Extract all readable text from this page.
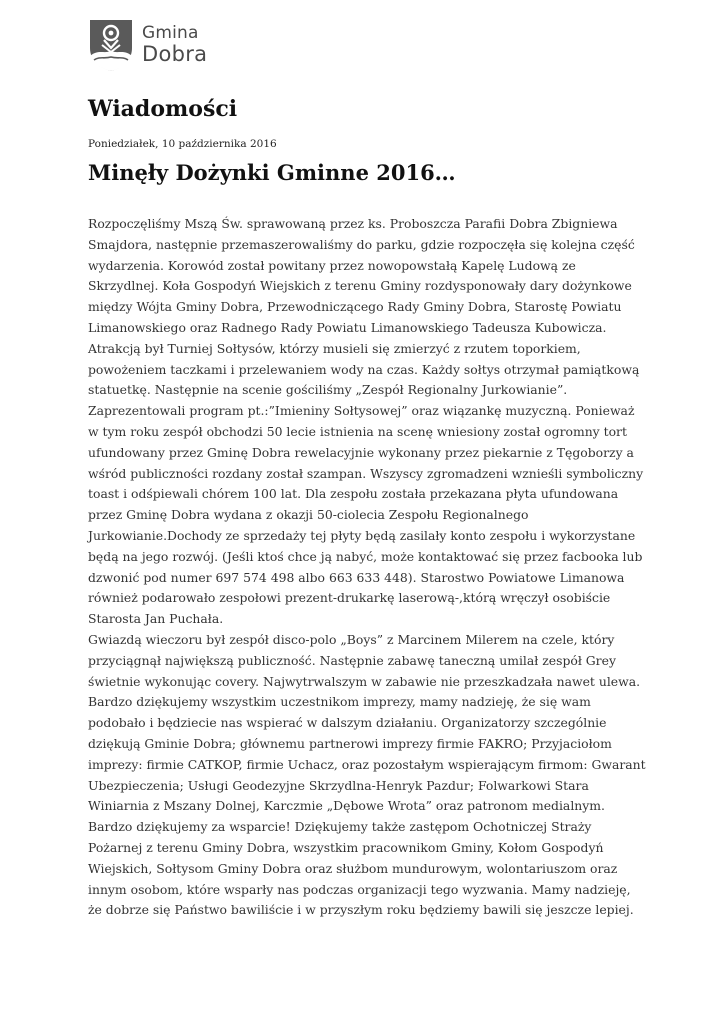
Gmina
Dobra
Wiadomości
Poniedziałek, 10 października 2016
Minęły Dożynki Gminne 2016…

Rozpoczęliśmy Mszą Św. sprawowaną przez ks. Proboszcza Parafii Dobra Zbigniewa Smajdora, następnie przemaszerowaliśmy do parku, gdzie rozpoczęła się kolejna część wydarzenia. Korowód został powitany przez nowopowstałą Kapelę Ludową ze Skrzydlnej. Koła Gospodyń Wiejskich z terenu Gminy rozdysponowały dary dożynkowe między Wójta Gminy Dobra, Przewodniczącego Rady Gminy Dobra, Starostę Powiatu Limanowskiego oraz Radnego Rady Powiatu Limanowskiego Tadeusza Kubowicza. Atrakcją był Turniej Sołtysów, którzy musieli się zmierzyć z rzutem toporkiem, powożeniem taczkami i przelewaniem wody na czas. Każdy sołtys otrzymał pamiątkową statuetkę. Następnie na scenie gościliśmy „Zespół Regionalny Jurkowianie”. Zaprezentowali program pt.:”Imieniny Sołtysowej” oraz wiązankę muzyczną. Ponieważ w tym roku zespół obchodzi 50 lecie istnienia na scenę wniesiony został ogromny tort ufundowany przez Gminę Dobra rewelacyjnie wykonany przez piekarnie z Tęgoborzy a wśród publiczności rozdany został szampan. Wszyscy zgromadzeni wznieśli symboliczny toast i odśpiewali chórem 100 lat. Dla zespołu została przekazana płyta ufundowana przez Gminę Dobra wydana z okazji 50-ciolecia Zespołu Regionalnego Jurkowianie.Dochody ze sprzedaży tej płyty będą zasilały konto zespołu i wykorzystane będą na jego rozwój. (Jeśli ktoś chce ją nabyć, może kontaktować się przez facbooka lub dzwonić pod numer 697 574 498 albo 663 633 448). Starostwo Powiatowe Limanowa również podarowało zespołowi prezent-drukarkę laserową-,którą wręczył osobiście Starosta Jan Puchała.

Gwiazdą wieczoru był zespół disco-polo „Boys” z Marcinem Milerem na czele, który przyciągnął największą publiczność. Następnie zabawę taneczną umilał zespół Grey świetnie wykonując covery. Najwytrwalszym w zabawie nie przeszkadzała nawet ulewa. Bardzo dziękujemy wszystkim uczestnikom imprezy, mamy nadzieję, że się wam podobało i będziecie nas wspierać w dalszym działaniu. Organizatorzy szczególnie dziękują Gminie Dobra; głównemu partnerowi imprezy firmie FAKRO; Przyjaciołom imprezy: firmie CATKOP, firmie Uchacz, oraz pozostałym wspierającym firmom: Gwarant Ubezpieczenia; Usługi Geodezyjne Skrzydlna-Henryk Pazdur; Folwarkowi Stara Winiarnia z Mszany Dolnej, Karczmie „Dębowe Wrota” oraz patronom medialnym. Bardzo dziękujemy za wsparcie! Dziękujemy także zastępom Ochotniczej Straży Pożarnej z terenu Gminy Dobra, wszystkim pracownikom Gminy, Kołom Gospodyń Wiejskich, Sołtysom Gminy Dobra oraz służbom mundurowym, wolontariuszom oraz innym osobom, które wsparły nas podczas organizacji tego wyzwania. Mamy nadzieję, że dobrze się Państwo bawiliście i w przyszłym roku będziemy bawili się jeszcze lepiej.
